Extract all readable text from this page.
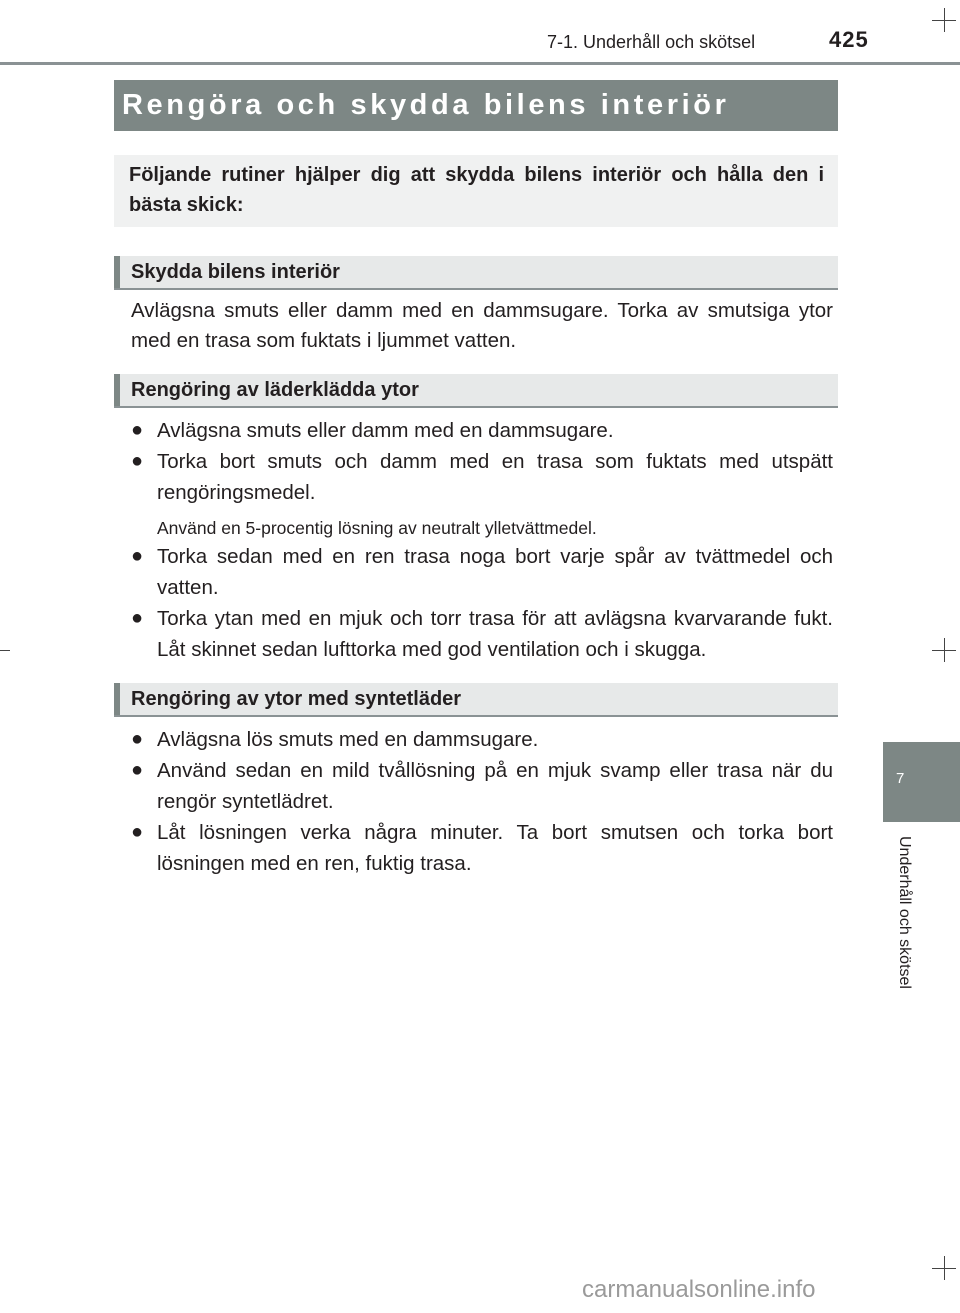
7-1. Underhåll och skötsel	425
Rengöra och skydda bilens interiör
Följande rutiner hjälper dig att skydda bilens interiör och hålla den i bästa skick:
Skydda bilens interiör

Avlägsna smuts eller damm med en dammsugare. Torka av smutsiga ytor med en trasa som fuktats i ljummet vatten.

Rengöring av läderklädda ytor
● Avlägsna smuts eller damm med en dammsugare.
● Torka bort smuts och damm med en trasa som fuktats med utspätt rengöringsmedel.

Använd en 5-procentig lösning av neutralt ylletvättmedel.

● Torka sedan med en ren trasa noga bort varje spår av tvättmedel och vatten.
● Torka ytan med en mjuk och torr trasa för att avlägsna kvarvarande fukt. Låt skinnet sedan lufttorka med god ventilation och i skugga.
Rengöring av ytor med syntetläder
● Avlägsna lös smuts med en dammsugare.
● Använd sedan en mild tvållösning på en mjuk svamp eller trasa när du rengör syntetlädret.
● Låt lösningen verka några minuter. Ta bort smutsen och torka bort lösningen med en ren, fuktig trasa.
7
Underhåll och skötsel
carmanualsonline.info
